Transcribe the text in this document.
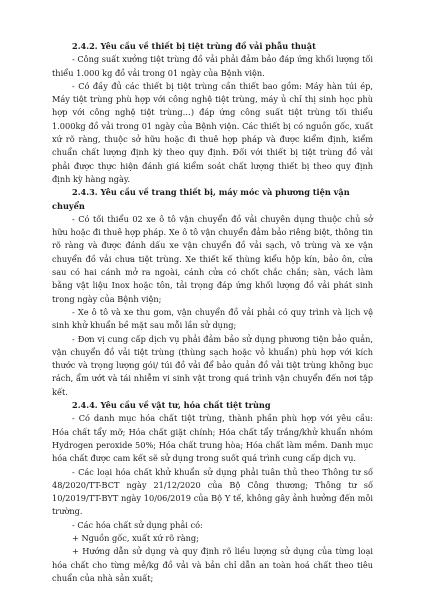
2.4.2. Yêu cầu về thiết bị tiệt trùng đồ vải phẫu thuật

- Công suất xưởng tiệt trùng đồ vải phải đảm bảo đáp ứng khối lượng tối thiểu 1.000 kg đồ vải trong 01 ngày của Bệnh viện.

- Có đầy đủ các thiết bị tiệt trùng cần thiết bao gồm: Máy hàn túi ép, Máy tiệt trùng phù hợp với công nghệ tiệt trùng, máy ủ chỉ thị sinh học phù hợp với công nghệ tiệt trùng…) đáp ứng công suất tiệt trùng tối thiểu 1.000kg đồ vải trong 01 ngày của Bệnh viện. Các thiết bị có nguồn gốc, xuất xứ rõ ràng, thuộc sở hữu hoặc đi thuê hợp pháp và được kiểm định, kiểm chuẩn chất lượng định kỳ theo quy định. Đối với thiết bị tiệt trùng đồ vải phải được thực hiện đánh giá kiểm soát chất lượng thiết bị theo quy định định kỳ hàng ngày.

2.4.3. Yêu cầu về trang thiết bị, máy móc và phương tiện vận chuyển

- Có tối thiểu 02 xe ô tô vận chuyển đồ vải chuyên dụng thuộc chủ sở hữu hoặc đi thuê hợp pháp. Xe ô tô vận chuyển đảm bảo riêng biệt, thông tin rõ ràng và được đánh dấu xe vận chuyển đồ vải sạch, vô trùng và xe vận chuyển đồ vải chưa tiệt trùng. Xe thiết kế thùng kiểu hộp kín, bảo ôn, cửa sau có hai cánh mở ra ngoài, cánh cửa có chốt chắc chắn; sàn, vách làm bằng vật liệu Inox hoặc tôn, tải trọng đáp ứng khối lượng đồ vải phát sinh trong ngày của Bệnh viện;

- Xe ô tô và xe thu gom, vận chuyển đồ vải phải có quy trình và lịch vệ sinh khử khuẩn bề mặt sau mỗi lần sử dụng;

- Đơn vị cung cấp dịch vụ phải đảm bảo sử dụng phương tiện bảo quản, vận chuyển đồ vải tiệt trùng (thùng sạch hoặc vỏ khuẩn) phù hợp với kích thước và trọng lượng gói/ túi đồ vải để bảo quản đồ vải tiệt trùng không bục rách, ẩm ướt và tái nhiễm vi sinh vật trong quá trình vận chuyển đến nơi tập kết.

2.4.4. Yêu cầu về vật tư, hóa chất tiệt trùng

- Có danh mục hóa chất tiệt trùng, thành phần phù hợp với yêu cầu: Hóa chất tẩy mỡ; Hóa chất giặt chính; Hóa chất tẩy trắng/khử khuẩn nhóm Hydrogen peroxide 50%; Hóa chất trung hòa; Hóa chất làm mềm. Danh mục hóa chất được cam kết sẽ sử dụng trong suốt quá trình cung cấp dịch vụ.

- Các loại hóa chất khử khuẩn sử dụng phải tuân thủ theo Thông tư số 48/2020/TT-BCT ngày 21/12/2020 của Bộ Công thương; Thông tư số 10/2019/TT-BYT ngày 10/06/2019 của Bộ Y tế, không gây ảnh hưởng đến môi trường.

- Các hóa chất sử dụng phải có:

+ Nguồn gốc, xuất xứ rõ ràng;

+ Hướng dẫn sử dụng và quy định rõ liều lượng sử dụng của từng loại hóa chất cho từng mẻ/kg đồ vải và bản chỉ dẫn an toàn hoá chất theo tiêu chuẩn của nhà sản xuất;
